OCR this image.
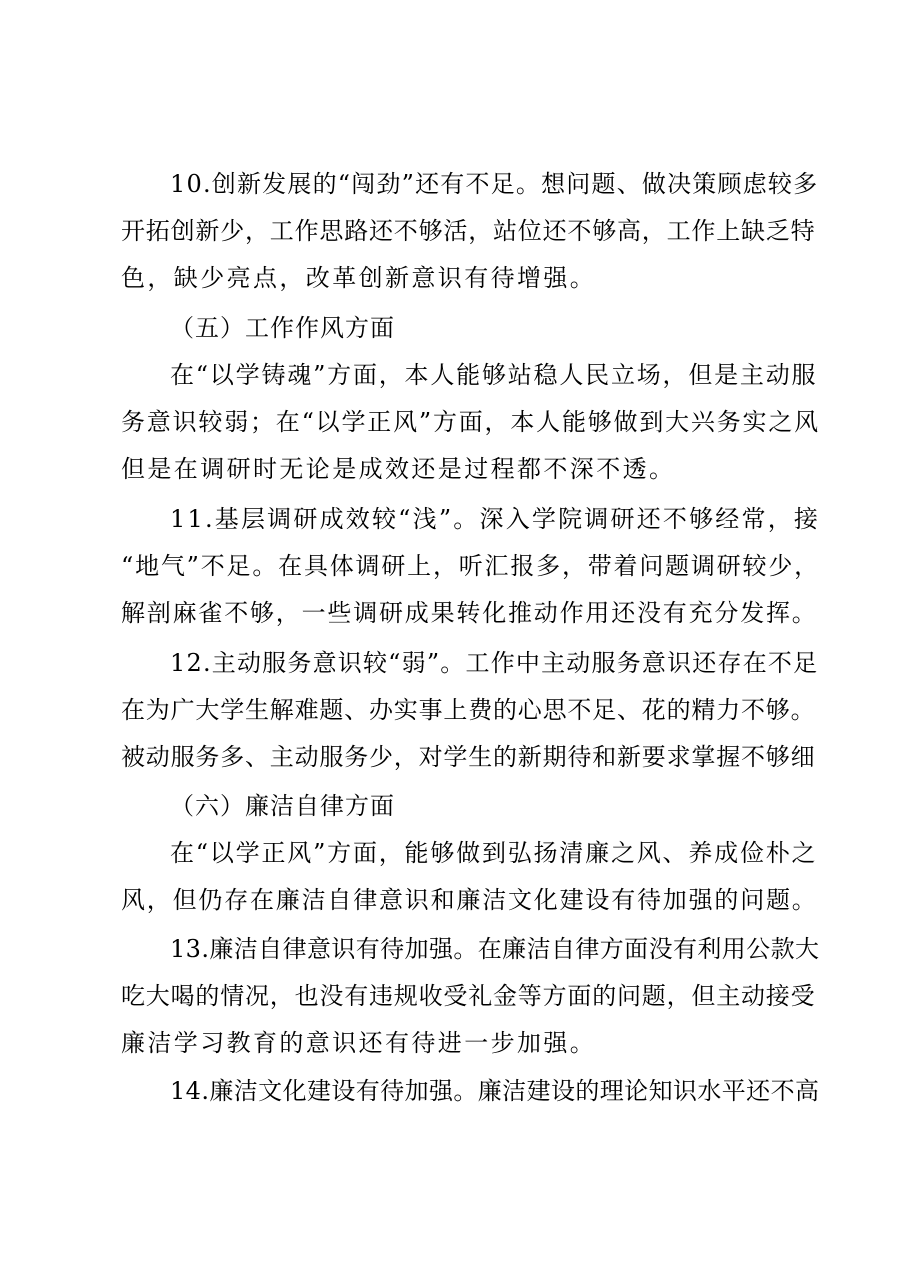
10.创新发展的“闯劲”还有不足。想问题、做决策顾虑较多
开拓创新少，工作思路还不够活，站位还不够高，工作上缺乏特
色，缺少亮点，改革创新意识有待增强。
（五）工作作风方面
在“以学铸魂”方面，本人能够站稳人民立场，但是主动服
务意识较弱；在“以学正风”方面，本人能够做到大兴务实之风
但是在调研时无论是成效还是过程都不深不透。
11.基层调研成效较“浅”。深入学院调研还不够经常，接
“地气”不足。在具体调研上，听汇报多，带着问题调研较少，
解剖麻雀不够，一些调研成果转化推动作用还没有充分发挥。
12.主动服务意识较“弱”。工作中主动服务意识还存在不足
在为广大学生解难题、办实事上费的心思不足、花的精力不够。
被动服务多、主动服务少，对学生的新期待和新要求掌握不够细
（六）廉洁自律方面
在“以学正风”方面，能够做到弘扬清廉之风、养成俭朴之
风，但仍存在廉洁自律意识和廉洁文化建设有待加强的问题。
13.廉洁自律意识有待加强。在廉洁自律方面没有利用公款大
吃大喝的情况，也没有违规收受礼金等方面的问题，但主动接受
廉洁学习教育的意识还有待进一步加强。
14.廉洁文化建设有待加强。廉洁建设的理论知识水平还不高
